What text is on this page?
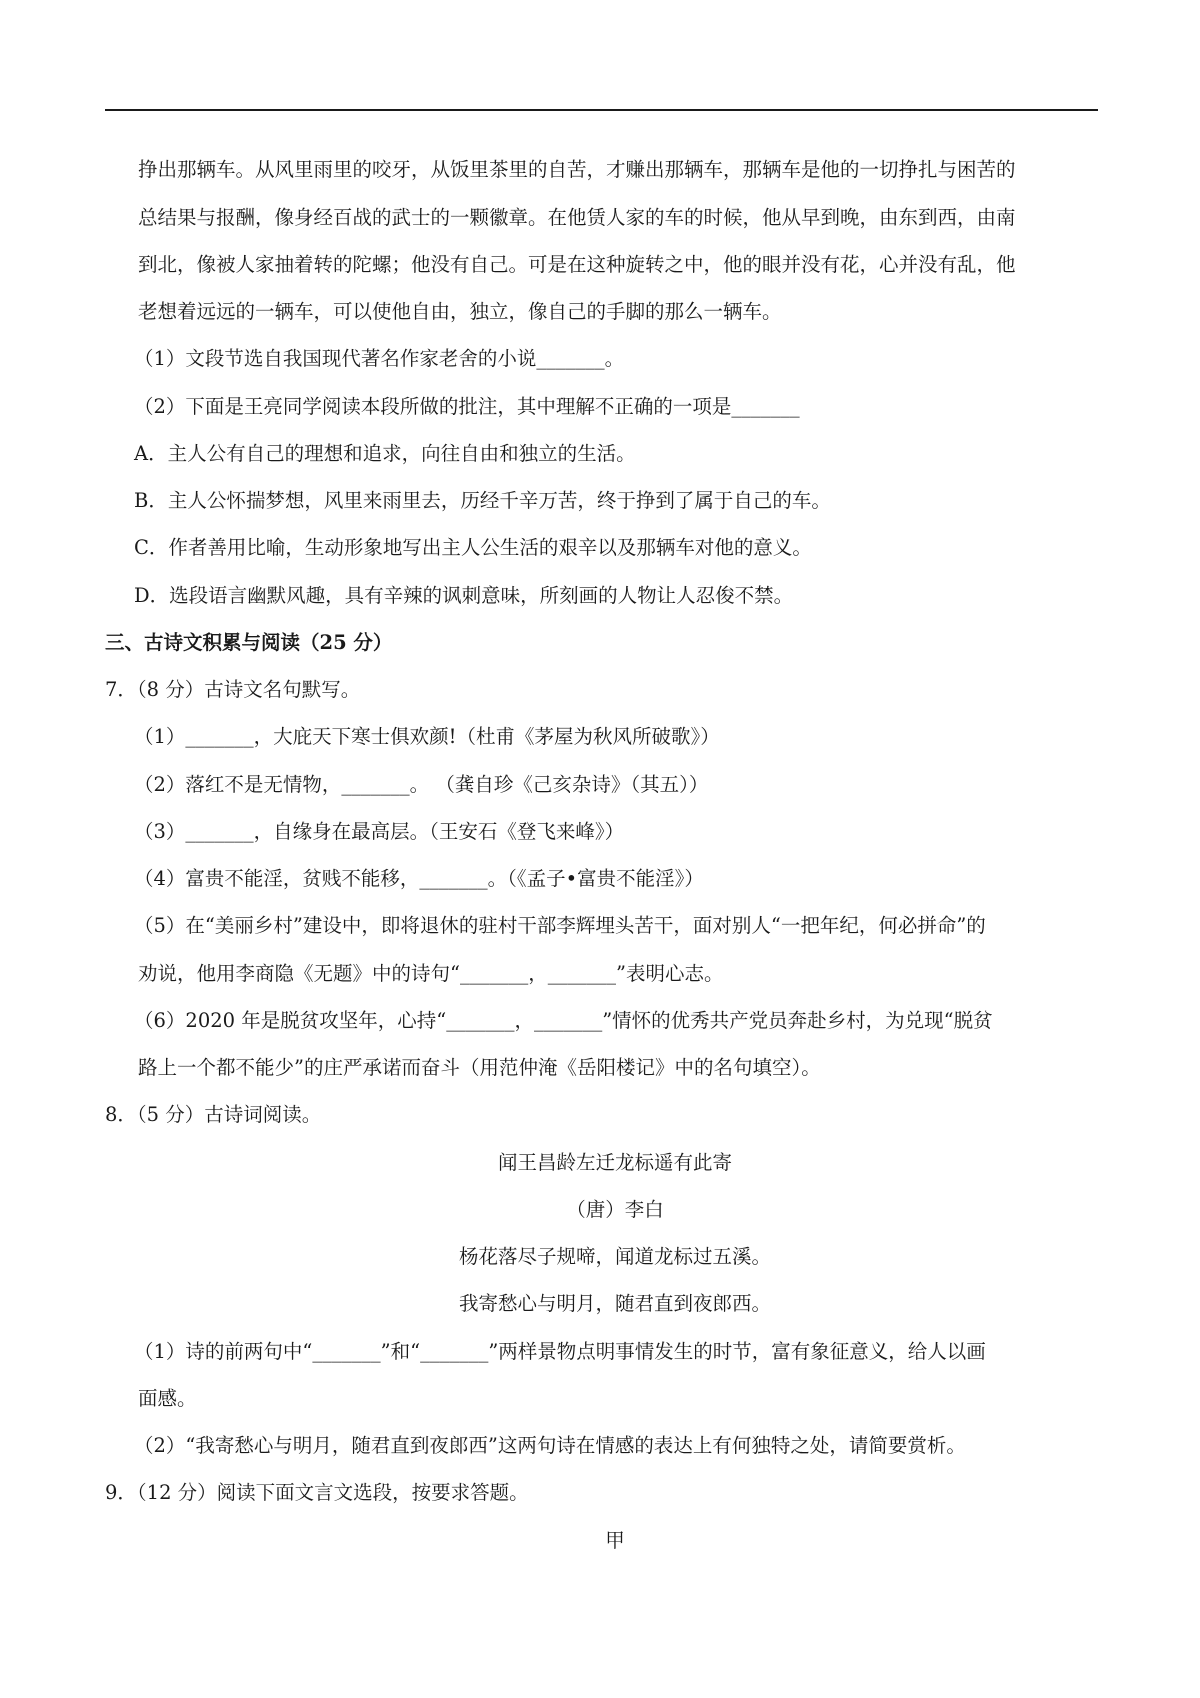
挣出那辆车。从风里雨里的咬牙，从饭里茶里的自苦，才赚出那辆车，那辆车是他的一切挣扎与困苦的
总结果与报酬，像身经百战的武士的一颗徽章。在他赁人家的车的时候，他从早到晚，由东到西，由南
到北，像被人家抽着转的陀螺；他没有自己。可是在这种旋转之中，他的眼并没有花，心并没有乱，他
老想着远远的一辆车，可以使他自由，独立，像自己的手脚的那么一辆车。
（1）文段节选自我国现代著名作家老舍的小说_______。
（2）下面是王亮同学阅读本段所做的批注，其中理解不正确的一项是_______
A．主人公有自己的理想和追求，向往自由和独立的生活。
B．主人公怀揣梦想，风里来雨里去，历经千辛万苦，终于挣到了属于自己的车。
C．作者善用比喻，生动形象地写出主人公生活的艰辛以及那辆车对他的意义。
D．选段语言幽默风趣，具有辛辣的讽刺意味，所刻画的人物让人忍俊不禁。
三、古诗文积累与阅读（25 分）
7．（8 分）古诗文名句默写。
（1）_______，大庇天下寒士俱欢颜!（杜甫《茅屋为秋风所破歌》）
（2）落红不是无情物，_______。 （龚自珍《己亥杂诗》（其五））
（3）_______，自缘身在最高层。（王安石《登飞来峰》）
（4）富贵不能淫，贫贱不能移，_______。（《孟子•富贵不能淫》）
（5）在“美丽乡村”建设中，即将退休的驻村干部李辉埋头苦干，面对别人“一把年纪，何必拼命”的
劝说，他用李商隐《无题》中的诗句“_______，_______”表明心志。
（6）2020 年是脱贫攻坚年，心持“_______，_______”情怀的优秀共产党员奔赴乡村，为兑现“脱贫
路上一个都不能少”的庄严承诺而奋斗（用范仲淹《岳阳楼记》中的名句填空）。
8．（5 分）古诗词阅读。
闻王昌龄左迁龙标遥有此寄
（唐）李白
杨花落尽子规啼，闻道龙标过五溪。
我寄愁心与明月，随君直到夜郎西。
（1）诗的前两句中“_______”和“_______”两样景物点明事情发生的时节，富有象征意义，给人以画
面感。
（2）“我寄愁心与明月，随君直到夜郎西”这两句诗在情感的表达上有何独特之处，请简要赏析。
9．（12 分）阅读下面文言文选段，按要求答题。
甲
